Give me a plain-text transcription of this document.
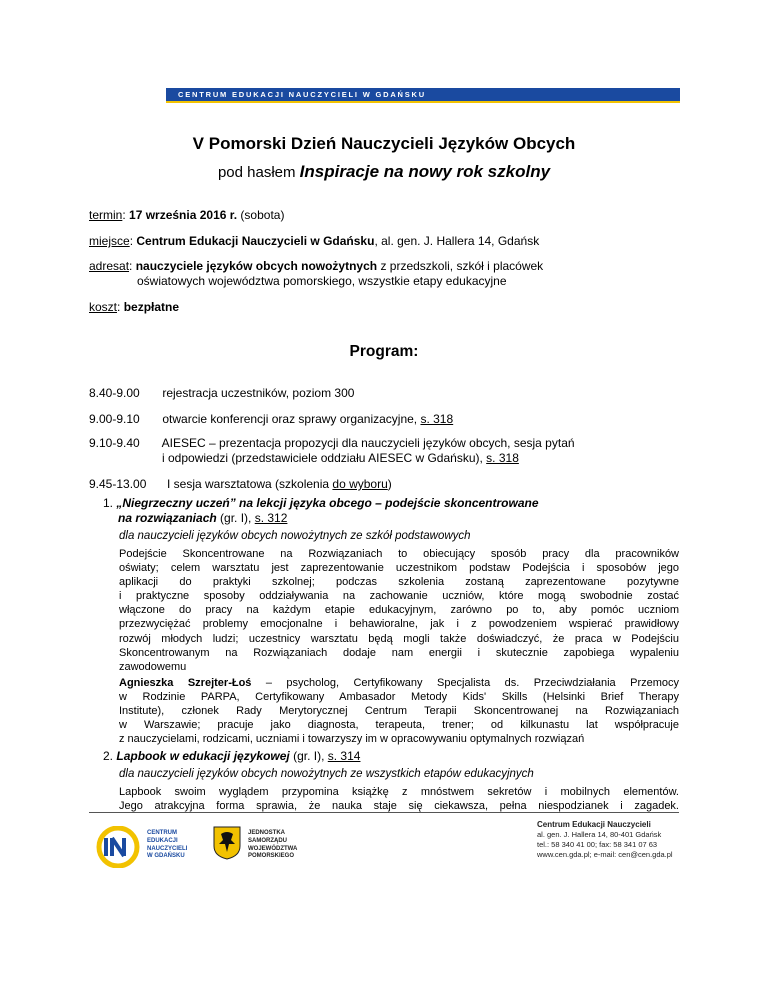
CENTRUM EDUKACJI NAUCZYCIELI W GDAŃSKU
V Pomorski Dzień Nauczycieli Języków Obcych
pod hasłem Inspiracje na nowy rok szkolny
termin: 17 września 2016 r. (sobota)
miejsce: Centrum Edukacji Nauczycieli w Gdańsku, al. gen. J. Hallera 14, Gdańsk
adresat: nauczyciele języków obcych nowożytnych z przedszkoli, szkół i placówek
oświatowych województwa pomorskiego, wszystkie etapy edukacyjne
koszt: bezpłatne
Program:
8.40-9.00 rejestracja uczestników, poziom 300
9.00-9.10 otwarcie konferencji oraz sprawy organizacyjne, s. 318
9.10-9.40 AIESEC – prezentacja propozycji dla nauczycieli języków obcych, sesja pytań
i odpowiedzi (przedstawiciele oddziału AIESEC w Gdańsku), s. 318
9.45-13.00 I sesja warsztatowa (szkolenia do wyboru)
1. „Niegrzeczny uczeń” na lekcji języka obcego – podejście skoncentrowane
na rozwiązaniach (gr. I), s. 312
dla nauczycieli języków obcych nowożytnych ze szkół podstawowych
Podejście Skoncentrowane na Rozwiązaniach to obiecujący sposób pracy dla pracowników
oświaty; celem warsztatu jest zaprezentowanie uczestnikom podstaw Podejścia i sposobów jego
aplikacji do praktyki szkolnej; podczas szkolenia zostaną zaprezentowane pozytywne
i praktyczne sposoby oddziaływania na zachowanie uczniów, które mogą swobodnie zostać
włączone do pracy na każdym etapie edukacyjnym, zarówno po to, aby pomóc uczniom
przezwyciężać problemy emocjonalne i behawioralne, jak i z powodzeniem wspierać prawidłowy
rozwój młodych ludzi; uczestnicy warsztatu będą mogli także doświadczyć, że praca w Podejściu
Skoncentrowanym na Rozwiązaniach dodaje nam energii i skutecznie zapobiega wypaleniu
zawodowemu
Agnieszka Szrejter-Łoś – psycholog, Certyfikowany Specjalista ds. Przeciwdziałania Przemocy
w Rodzinie PARPA, Certyfikowany Ambasador Metody Kids' Skills (Helsinki Brief Therapy
Institute), członek Rady Merytorycznej Centrum Terapii Skoncentrowanej na Rozwiązaniach
w Warszawie; pracuje jako diagnosta, terapeuta, trener; od kilkunastu lat współpracuje
z nauczycielami, rodzicami, uczniami i towarzyszy im w opracowywaniu optymalnych rozwiązań
2. Lapbook w edukacji językowej (gr. I), s. 314
dla nauczycieli języków obcych nowożytnych ze wszystkich etapów edukacyjnych
Lapbook swoim wyglądem przypomina książkę z mnóstwem sekretów i mobilnych elementów.
Jego atrakcyjna forma sprawia, że nauka staje się ciekawsza, pełna niespodzianek i zagadek.
CENTRUM
EDUKACJI
NAUCZYCIELI
W GDAŃSKU
JEDNOSTKA
SAMORZĄDU
WOJEWÓDZTWA
POMORSKIEGO
Centrum Edukacji Nauczycieli
al. gen. J. Hallera 14, 80-401 Gdańsk
tel.: 58 340 41 00; fax: 58 341 07 63
www.cen.gda.pl; e-mail: cen@cen.gda.pl
